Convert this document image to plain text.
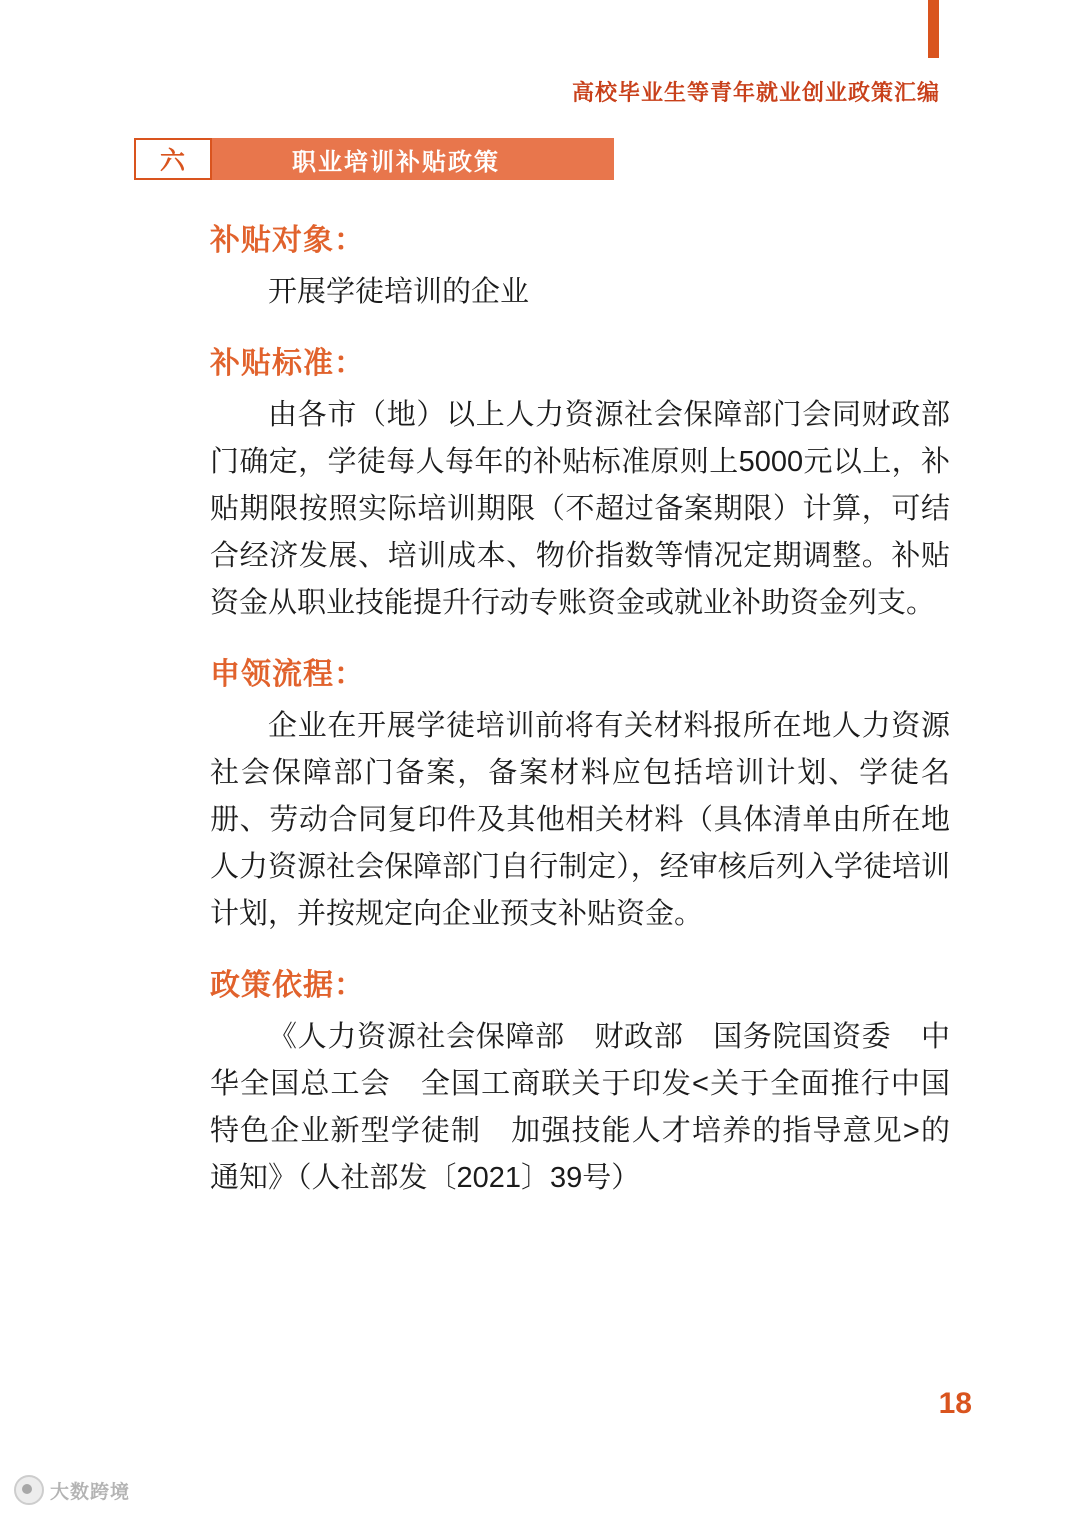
高校毕业生等青年就业创业政策汇编
六	职业培训补贴政策
补贴对象：

开展学徒培训的企业

补贴标准：

由各市（地）以上人力资源社会保障部门会同财政部门确定，学徒每人每年的补贴标准原则上5000元以上，补贴期限按照实际培训期限（不超过备案期限）计算，可结合经济发展、培训成本、物价指数等情况定期调整。补贴资金从职业技能提升行动专账资金或就业补助资金列支。

申领流程：

企业在开展学徒培训前将有关材料报所在地人力资源社会保障部门备案，备案材料应包括培训计划、学徒名册、劳动合同复印件及其他相关材料（具体清单由所在地人力资源社会保障部门自行制定），经审核后列入学徒培训计划，并按规定向企业预支补贴资金。

政策依据：

《人力资源社会保障部　财政部　国务院国资委　中华全国总工会　全国工商联关于印发<关于全面推行中国特色企业新型学徒制　加强技能人才培养的指导意见>的通知》（人社部发〔2021〕39号）

18
大数跨境
